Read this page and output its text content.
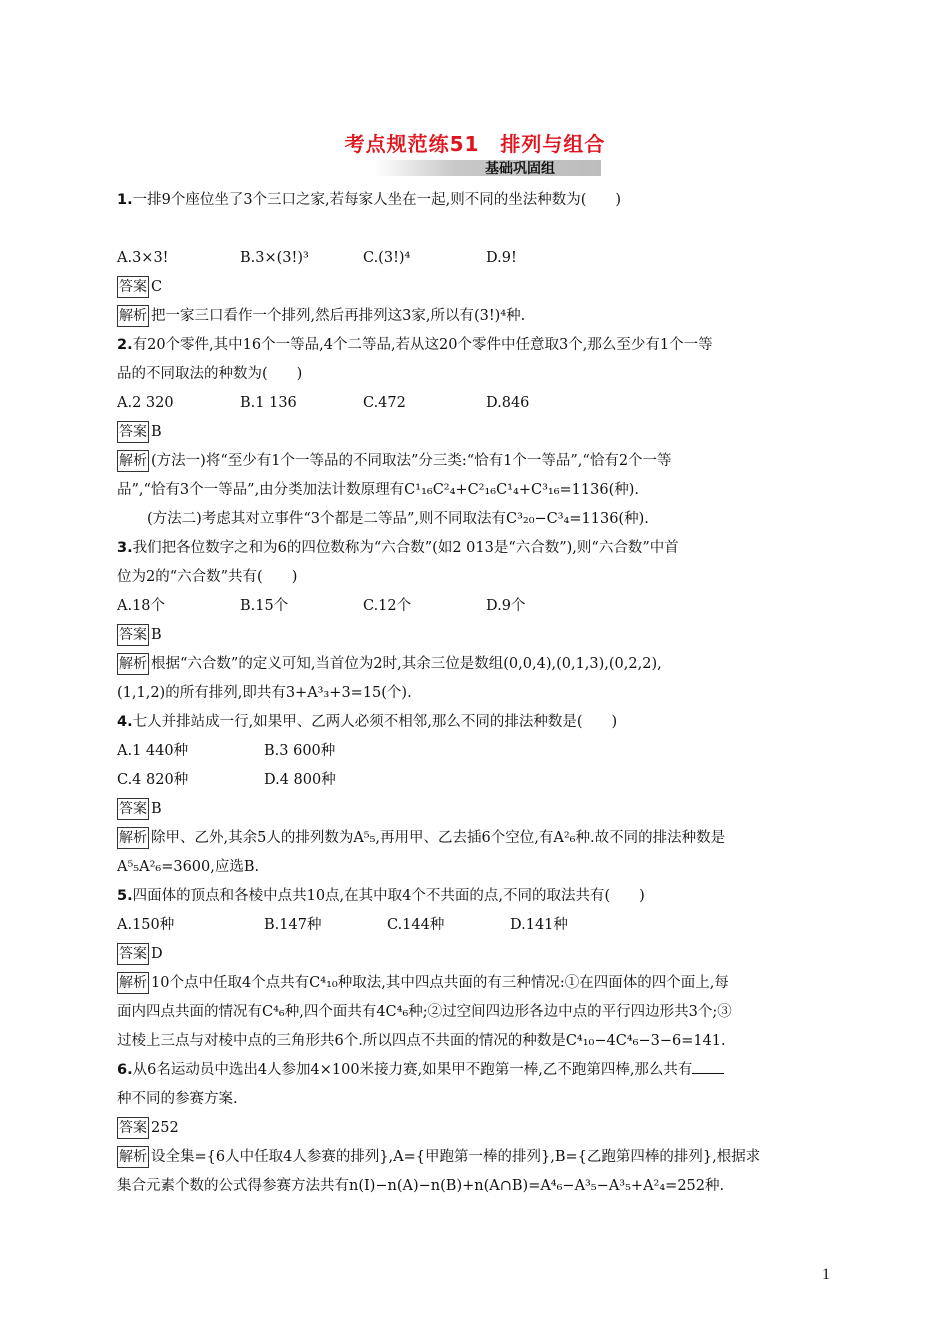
考点规范练51　排列与组合
基础巩固组

1.一排9个座位坐了3个三口之家,若每家人坐在一起,则不同的坐法种数为(　　)

A.3×3!	B.3×(3!)³	C.(3!)⁴	D.9!

答案 C

解析 把一家三口看作一个排列,然后再排列这3家,所以有(3!)⁴种.

2.有20个零件,其中16个一等品,4个二等品,若从这20个零件中任意取3个,那么至少有1个一等

品的不同取法的种数为(　　)

A.2 320	B.1 136	C.472	D.846

答案 B

解析 (方法一)将“至少有1个一等品的不同取法”分三类:“恰有1个一等品”,“恰有2个一等

品”,“恰有3个一等品”,由分类加法计数原理有C¹₁₆C²₄+C²₁₆C¹₄+C³₁₆=1136(种).

(方法二)考虑其对立事件“3个都是二等品”,则不同取法有C³₂₀−C³₄=1136(种).

3.我们把各位数字之和为6的四位数称为“六合数”(如2 013是“六合数”),则“六合数”中首

位为2的“六合数”共有(　　)

A.18个	B.15个	C.12个	D.9个

答案 B

解析 根据“六合数”的定义可知,当首位为2时,其余三位是数组(0,0,4),(0,1,3),(0,2,2),

(1,1,2)的所有排列,即共有3+A³₃+3=15(个).

4.七人并排站成一行,如果甲、乙两人必须不相邻,那么不同的排法种数是(　　)

A.1 440种	B.3 600种
C.4 820种	D.4 800种

答案 B

解析 除甲、乙外,其余5人的排列数为A⁵₅,再用甲、乙去插6个空位,有A²₆种.故不同的排法种数是

A⁵₅A²₆=3600,应选B.

5.四面体的顶点和各棱中点共10点,在其中取4个不共面的点,不同的取法共有(　　)

A.150种	B.147种	C.144种	D.141种

答案 D

解析 10个点中任取4个点共有C⁴₁₀种取法,其中四点共面的有三种情况:①在四面体的四个面上,每

面内四点共面的情况有C⁴₆种,四个面共有4C⁴₆种;②过空间四边形各边中点的平行四边形共3个;③

过棱上三点与对棱中点的三角形共6个.所以四点不共面的情况的种数是C⁴₁₀−4C⁴₆−3−6=141.

6.从6名运动员中选出4人参加4×100米接力赛,如果甲不跑第一棒,乙不跑第四棒,那么共有

种不同的参赛方案.

答案 252

解析 设全集={6人中任取4人参赛的排列},A={甲跑第一棒的排列},B={乙跑第四棒的排列},根据求

集合元素个数的公式得参赛方法共有n(I)−n(A)−n(B)+n(A∩B)=A⁴₆−A³₅−A³₅+A²₄=252种.

1
